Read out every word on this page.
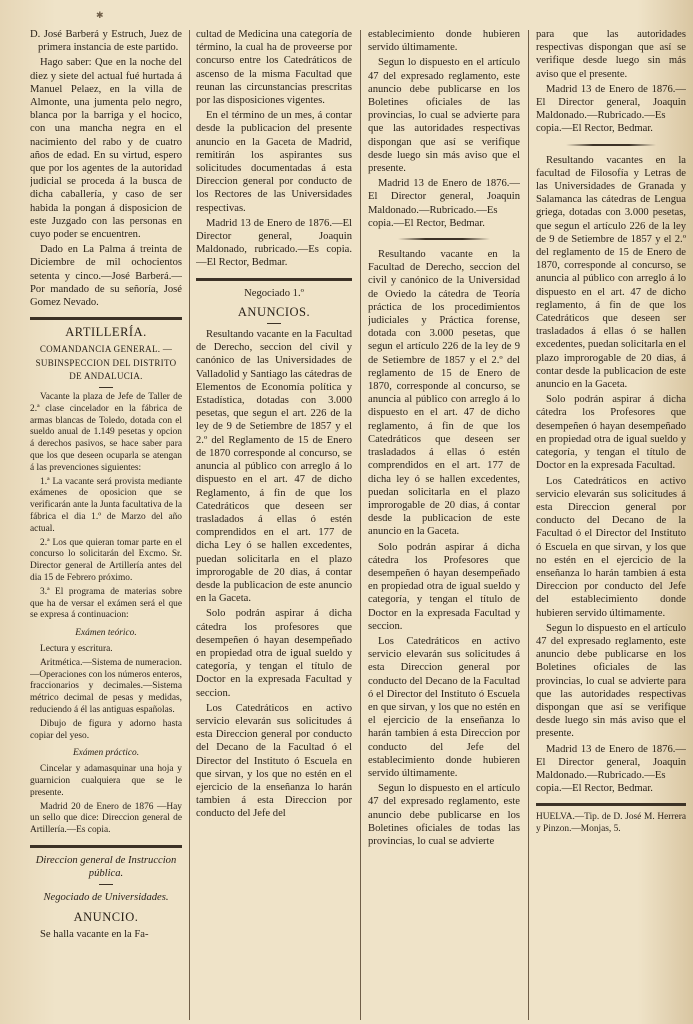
✱

D. José Barberá y Estruch, Juez de primera instancia de este partido.

Hago saber: Que en la noche del diez y siete del actual fué hurtada á Manuel Pelaez, en la villa de Almonte, una jumenta pelo negro, blanca por la barriga y el hocico, con una mancha negra en el nacimiento del rabo y de cuatro años de edad. En su virtud, espero que por los agentes de la autoridad judicial se proceda á la busca de dicha caballería, y caso de ser habida la pongan á disposicion de este Juzgado con las personas en cuyo poder se encuentren.

Dado en La Palma á treinta de Diciembre de mil ochocientos setenta y cinco.—José Barberá.—Por mandado de su señoría, José Gomez Nevado.

ARTILLERÍA.
COMANDANCIA GENERAL. —SUBINSPECCION DEL DISTRITO DE ANDALUCIA.

Vacante la plaza de Jefe de Taller de 2.ª clase cincelador en la fábrica de armas blancas de Toledo, dotada con el sueldo anual de 1.149 pesetas y opcion á derechos pasivos, se hace saber para que los que deseen ocuparla se atengan á las prevenciones siguientes:

1.ª La vacante será provista mediante exámenes de oposicion que se verificarán ante la Junta facultativa de la fábrica el dia 1.º de Marzo del año actual.

2.ª Los que quieran tomar parte en el concurso lo solicitarán del Excmo. Sr. Director general de Artillería antes del dia 15 de Febrero próximo.

3.ª El programa de materias sobre que ha de versar el exámen será el que se expresa á continuacion:

Exámen teórico.

Lectura y escritura.

Aritmética.—Sistema de numeracion.—Operaciones con los números enteros, fraccionarios y decimales.—Sistema métrico decimal de pesas y medidas, reduciendo á él las antiguas españolas.

Dibujo de figura y adorno hasta copiar del yeso.

Exámen práctico.

Cincelar y adamasquinar una hoja y guarnicion cualquiera que se le presente.

Madrid 20 de Enero de 1876 —Hay un sello que dice: Direccion general de Artillería.—Es copia.

Direccion general de Instruccion pública.
Negociado de Universidades.
ANUNCIO.

Se halla vacante en la Fa-

cultad de Medicina una categoría de término, la cual ha de proveerse por concurso entre los Catedráticos de ascenso de la misma Facultad que reunan las circunstancias prescritas por las disposiciones vigentes.

En el término de un mes, á contar desde la publicacion del presente anuncio en la Gaceta de Madrid, remitirán los aspirantes sus solicitudes documentadas á esta Direccion general por conducto de los Rectores de las Universidades respectivas.

Madrid 13 de Enero de 1876.—El Director general, Joaquin Maldonado, rubricado.—Es copia.—El Rector, Bedmar.

Negociado 1.º
ANUNCIOS.

Resultando vacante en la Facultad de Derecho, seccion del civil y canónico de las Universidades de Valladolid y Santiago las cátedras de Elementos de Economía política y Estadística, dotadas con 3.000 pesetas, que segun el art. 226 de la ley de 9 de Setiembre de 1857 y el 2.º del Reglamento de 15 de Enero de 1870 corresponde al concurso, se anuncia al público con arreglo á lo dispuesto en el art. 47 de dicho Reglamento, á fin de que los Catedráticos que deseen ser trasladados á ellas ó estén comprendidos en el art. 177 de dicha Ley ó se hallen excedentes, puedan solicitarla en el plazo improrogable de 20 dias, á contar desde la publicacion de este anuncio en la Gaceta.

Solo podrán aspirar á dicha cátedra los profesores que desempeñen ó hayan desempeñado en propiedad otra de igual sueldo y categoría, y tengan el título de Doctor en la expresada Facultad y seccion.

Los Catedráticos en activo servicio elevarán sus solicitudes á esta Direccion general por conducto del Decano de la Facultad ó el Director del Instituto ó Escuela en que sirvan, y los que no estén en el ejercicio de la enseñanza lo harán tambien á esta Direccion por conducto del Jefe del

establecimiento donde hubieren servido últimamente.

Segun lo dispuesto en el artículo 47 del expresado reglamento, este anuncio debe publicarse en los Boletines oficiales de las provincias, lo cual se advierte para que las autoridades respectivas dispongan que así se verifique desde luego sin más aviso que el presente.

Madrid 13 de Enero de 1876.—El Director general, Joaquin Maldonado.—Rubricado.—Es copia.—El Rector, Bedmar.

Resultando vacante en la Facultad de Derecho, seccion del civil y canónico de la Universidad de Oviedo la cátedra de Teoría práctica de los procedimientos judiciales y Práctica forense, dotada con 3.000 pesetas, que segun el artículo 226 de la ley de 9 de Setiembre de 1857 y el 2.º del reglamento de 15 de Enero de 1870, corresponde al concurso, se anuncia al público con arreglo á lo dispuesto en el art. 47 de dicho reglamento, á fin de que los Catedráticos que deseen ser trasladados á ellas ó estén comprendidos en el art. 177 de dicha ley ó se hallen excedentes, puedan solicitarla en el plazo improrogable de 20 dias, á contar desde la publicacion de este anuncio en la Gaceta.

Solo podrán aspirar á dicha cátedra los Profesores que desempeñen ó hayan desempeñado en propiedad otra de igual sueldo y categoría, y tengan el título de Doctor en la expresada Facultad y seccion.

Los Catedráticos en activo servicio elevarán sus solicitudes á esta Direccion general por conducto del Decano de la Facultad ó el Director del Instituto ó Escuela en que sirvan, y los que no estén en el ejercicio de la enseñanza lo harán tambien á esta Direccion por conducto del Jefe del establecimiento donde hubieren servido últimamente.

Segun lo dispuesto en el artículo 47 del expresado reglamento, este anuncio debe publicarse en los Boletines oficiales de todas las provincias, lo cual se advierte

para que las autoridades respectivas dispongan que así se verifique desde luego sin más aviso que el presente.

Madrid 13 de Enero de 1876.—El Director general, Joaquin Maldonado.—Rubricado.—Es copia.—El Rector, Bedmar.

Resultando vacantes en la facultad de Filosofía y Letras de las Universidades de Granada y Salamanca las cátedras de Lengua griega, dotadas con 3.000 pesetas, que segun el artículo 226 de la ley de 9 de Setiembre de 1857 y el 2.º del reglamento de 15 de Enero de 1870, corresponde al concurso, se anuncia al público con arreglo á lo dispuesto en el art. 47 de dicho reglamento, á fin de que los Catedráticos que deseen ser trasladados á ellas ó se hallen excedentes, puedan solicitarla en el plazo improrogable de 20 dias, á contar desde la publicacion de este anuncio en la Gaceta.

Solo podrán aspirar á dicha cátedra los Profesores que desempeñen ó hayan desempeñado en propiedad otra de igual sueldo y categoría, y tengan el título de Doctor en la expresada Facultad.

Los Catedráticos en activo servicio elevarán sus solicitudes á esta Direccion general por conducto del Decano de la Facultad ó el Director del Instituto ó Escuela en que sirvan, y los que no estén en el ejercicio de la enseñanza lo harán tambien á esta Direccion por conducto del Jefe del establecimiento donde hubieren servido últimamente.

Segun lo dispuesto en el artículo 47 del expresado reglamento, este anuncio debe publicarse en los Boletines oficiales de las provincias, lo cual se advierte para que las autoridades respectivas dispongan que así se verifique desde luego sin más aviso que el presente.

Madrid 13 de Enero de 1876.—El Director general, Joaquin Maldonado.—Rubricado.—Es copia.—El Rector, Bedmar.

HUELVA.—Tip. de D. José M. Herrera y Pinzon.—Monjas, 5.
